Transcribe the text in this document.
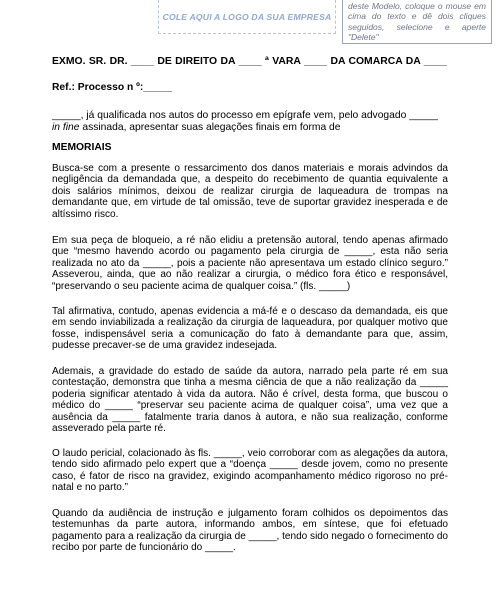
COLE AQUI A LOGO DA SUA EMPRESA
deste Modelo, coloque o mouse em cima do texto e dê dois cliques seguidos, selecione e aperte "Delete"
EXMO. SR. DR. ____ DE DIREITO DA ____ ª VARA ____ DA COMARCA DA ____
Ref.: Processo n º:_____
_____, já qualificada nos autos do processo em epígrafe vem, pelo advogado _____
in fine assinada, apresentar suas alegações finais em forma de
MEMORIAIS
Busca-se com a presente o ressarcimento dos danos materiais e morais advindos da negligência da demandada que, a despeito do recebimento de quantia equivalente a dois salários mínimos, deixou de realizar cirurgia de laqueadura de trompas na demandante que, em virtude de tal omissão, teve de suportar gravidez inesperada e de altíssimo risco.
Em sua peça de bloqueio, a ré não elidiu a pretensão autoral, tendo apenas afirmado que “mesmo havendo acordo ou pagamento pela cirurgia de _____, esta não seria realizada no ato da _____, pois a paciente não apresentava um estado clínico seguro.” Asseverou, ainda, que ao não realizar a cirurgia, o médico fora ético e responsável, “preservando o seu paciente acima de qualquer coisa.” (fls. _____)
Tal afirmativa, contudo, apenas evidencia a má-fé e o descaso da demandada, eis que em sendo inviabilizada a realização da cirurgia de laqueadura, por qualquer motivo que fosse, indispensável seria a comunicação do fato à demandante para que, assim, pudesse precaver-se de uma gravidez indesejada.
Ademais, a gravidade do estado de saúde da autora, narrado pela parte ré em sua contestação, demonstra que tinha a mesma ciência de que a não realização da _____ poderia significar atentado à vida da autora. Não é crível, desta forma, que buscou o médico do _____ “preservar seu paciente acima de qualquer coisa”, uma vez que a ausência da _____ fatalmente traria danos à autora, e não sua realização, conforme asseverado pela parte ré.
O laudo pericial, colacionado às fls. _____, veio corroborar com as alegações da autora, tendo sido afirmado pelo expert que a “doença _____ desde jovem, como no presente caso, é fator de risco na gravidez, exigindo acompanhamento médico rigoroso no pré-natal e no parto.”
Quando da audiência de instrução e julgamento foram colhidos os depoimentos das testemunhas da parte autora, informando ambos, em síntese, que foi efetuado pagamento para a realização da cirurgia de _____, tendo sido negado o fornecimento do recibo por parte de funcionário do _____.
